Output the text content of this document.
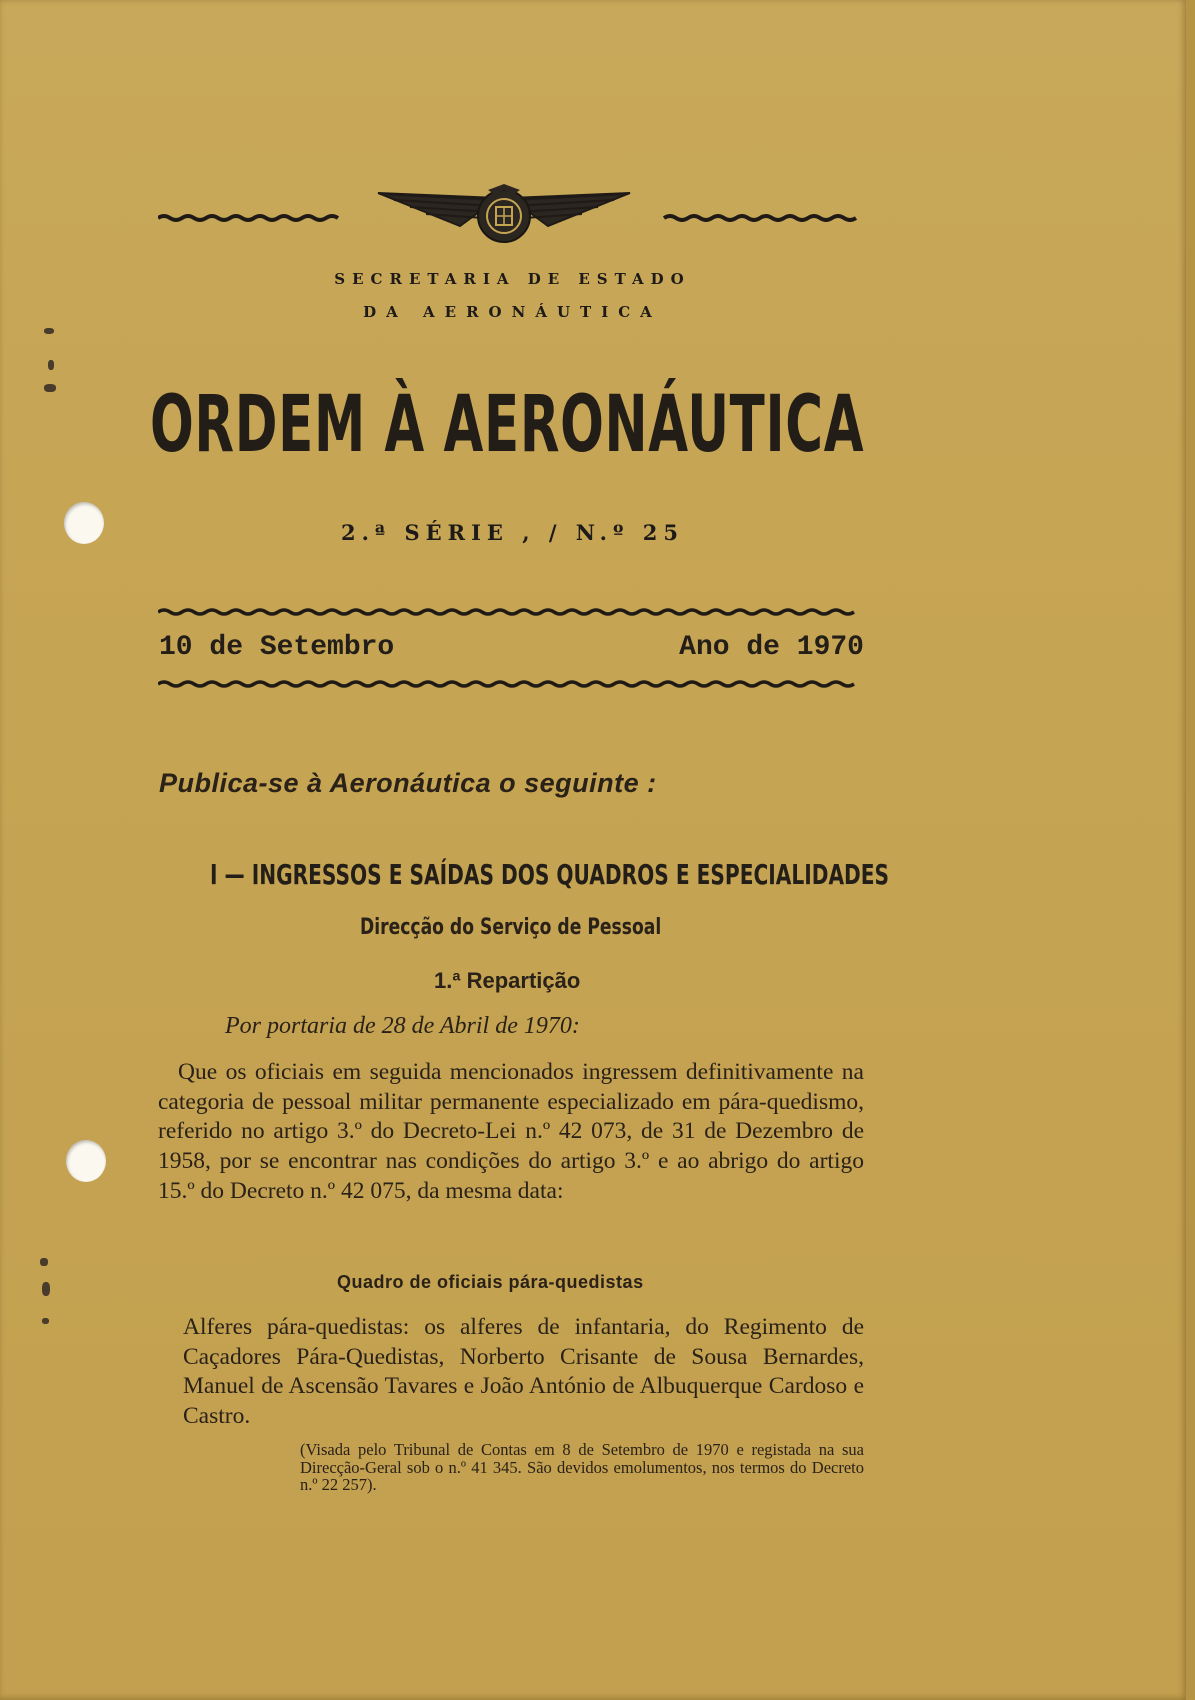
SECRETARIA DE ESTADO
DA AERONÁUTICA
ORDEM À AERONÁUTICA
2.ª SÉRIE , / N.º 25
10 de Setembro	Ano de 1970
Publica-se à Aeronáutica o seguinte :
I — INGRESSOS E SAÍDAS DOS QUADROS E ESPECIALIDADES
Direcção do Serviço de Pessoal
1.ª Repartição
Por portaria de 28 de Abril de 1970:
Que os oficiais em seguida mencionados ingressem definitivamente na categoria de pessoal militar permanente especializado em pára-quedismo, referido no artigo 3.º do Decreto-Lei n.º 42 073, de 31 de Dezembro de 1958, por se encontrar nas condições do artigo 3.º e ao abrigo do artigo 15.º do Decreto n.º 42 075, da mesma data:
Quadro de oficiais pára-quedistas
Alferes pára-quedistas: os alferes de infantaria, do Regimento de Caçadores Pára-Quedistas, Norberto Crisante de Sousa Bernardes, Manuel de Ascensão Tavares e João António de Albuquerque Cardoso e Castro.
(Visada pelo Tribunal de Contas em 8 de Setembro de 1970 e registada na sua Direcção-Geral sob o n.º 41 345. São devidos emolumentos, nos termos do Decreto n.º 22 257).
